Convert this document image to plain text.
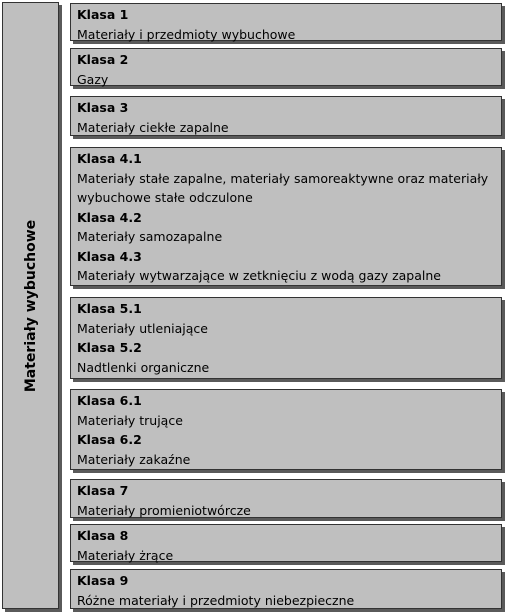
Materiały wybuchowe
Klasa 1
Materiały i przedmioty wybuchowe
Klasa 2
Gazy
Klasa 3
Materiały ciekłe zapalne
Klasa 4.1
Materiały stałe zapalne, materiały samoreaktywne oraz materiały wybuchowe stałe odczulone
Klasa 4.2
Materiały samozapalne
Klasa 4.3
Materiały wytwarzające w zetknięciu z wodą gazy zapalne
Klasa 5.1
Materiały utleniające
Klasa 5.2
Nadtlenki organiczne
Klasa 6.1
Materiały trujące
Klasa 6.2
Materiały zakaźne
Klasa 7
Materiały promieniotwórcze
Klasa 8
Materiały żrące
Klasa 9
Różne materiały i przedmioty niebezpieczne
